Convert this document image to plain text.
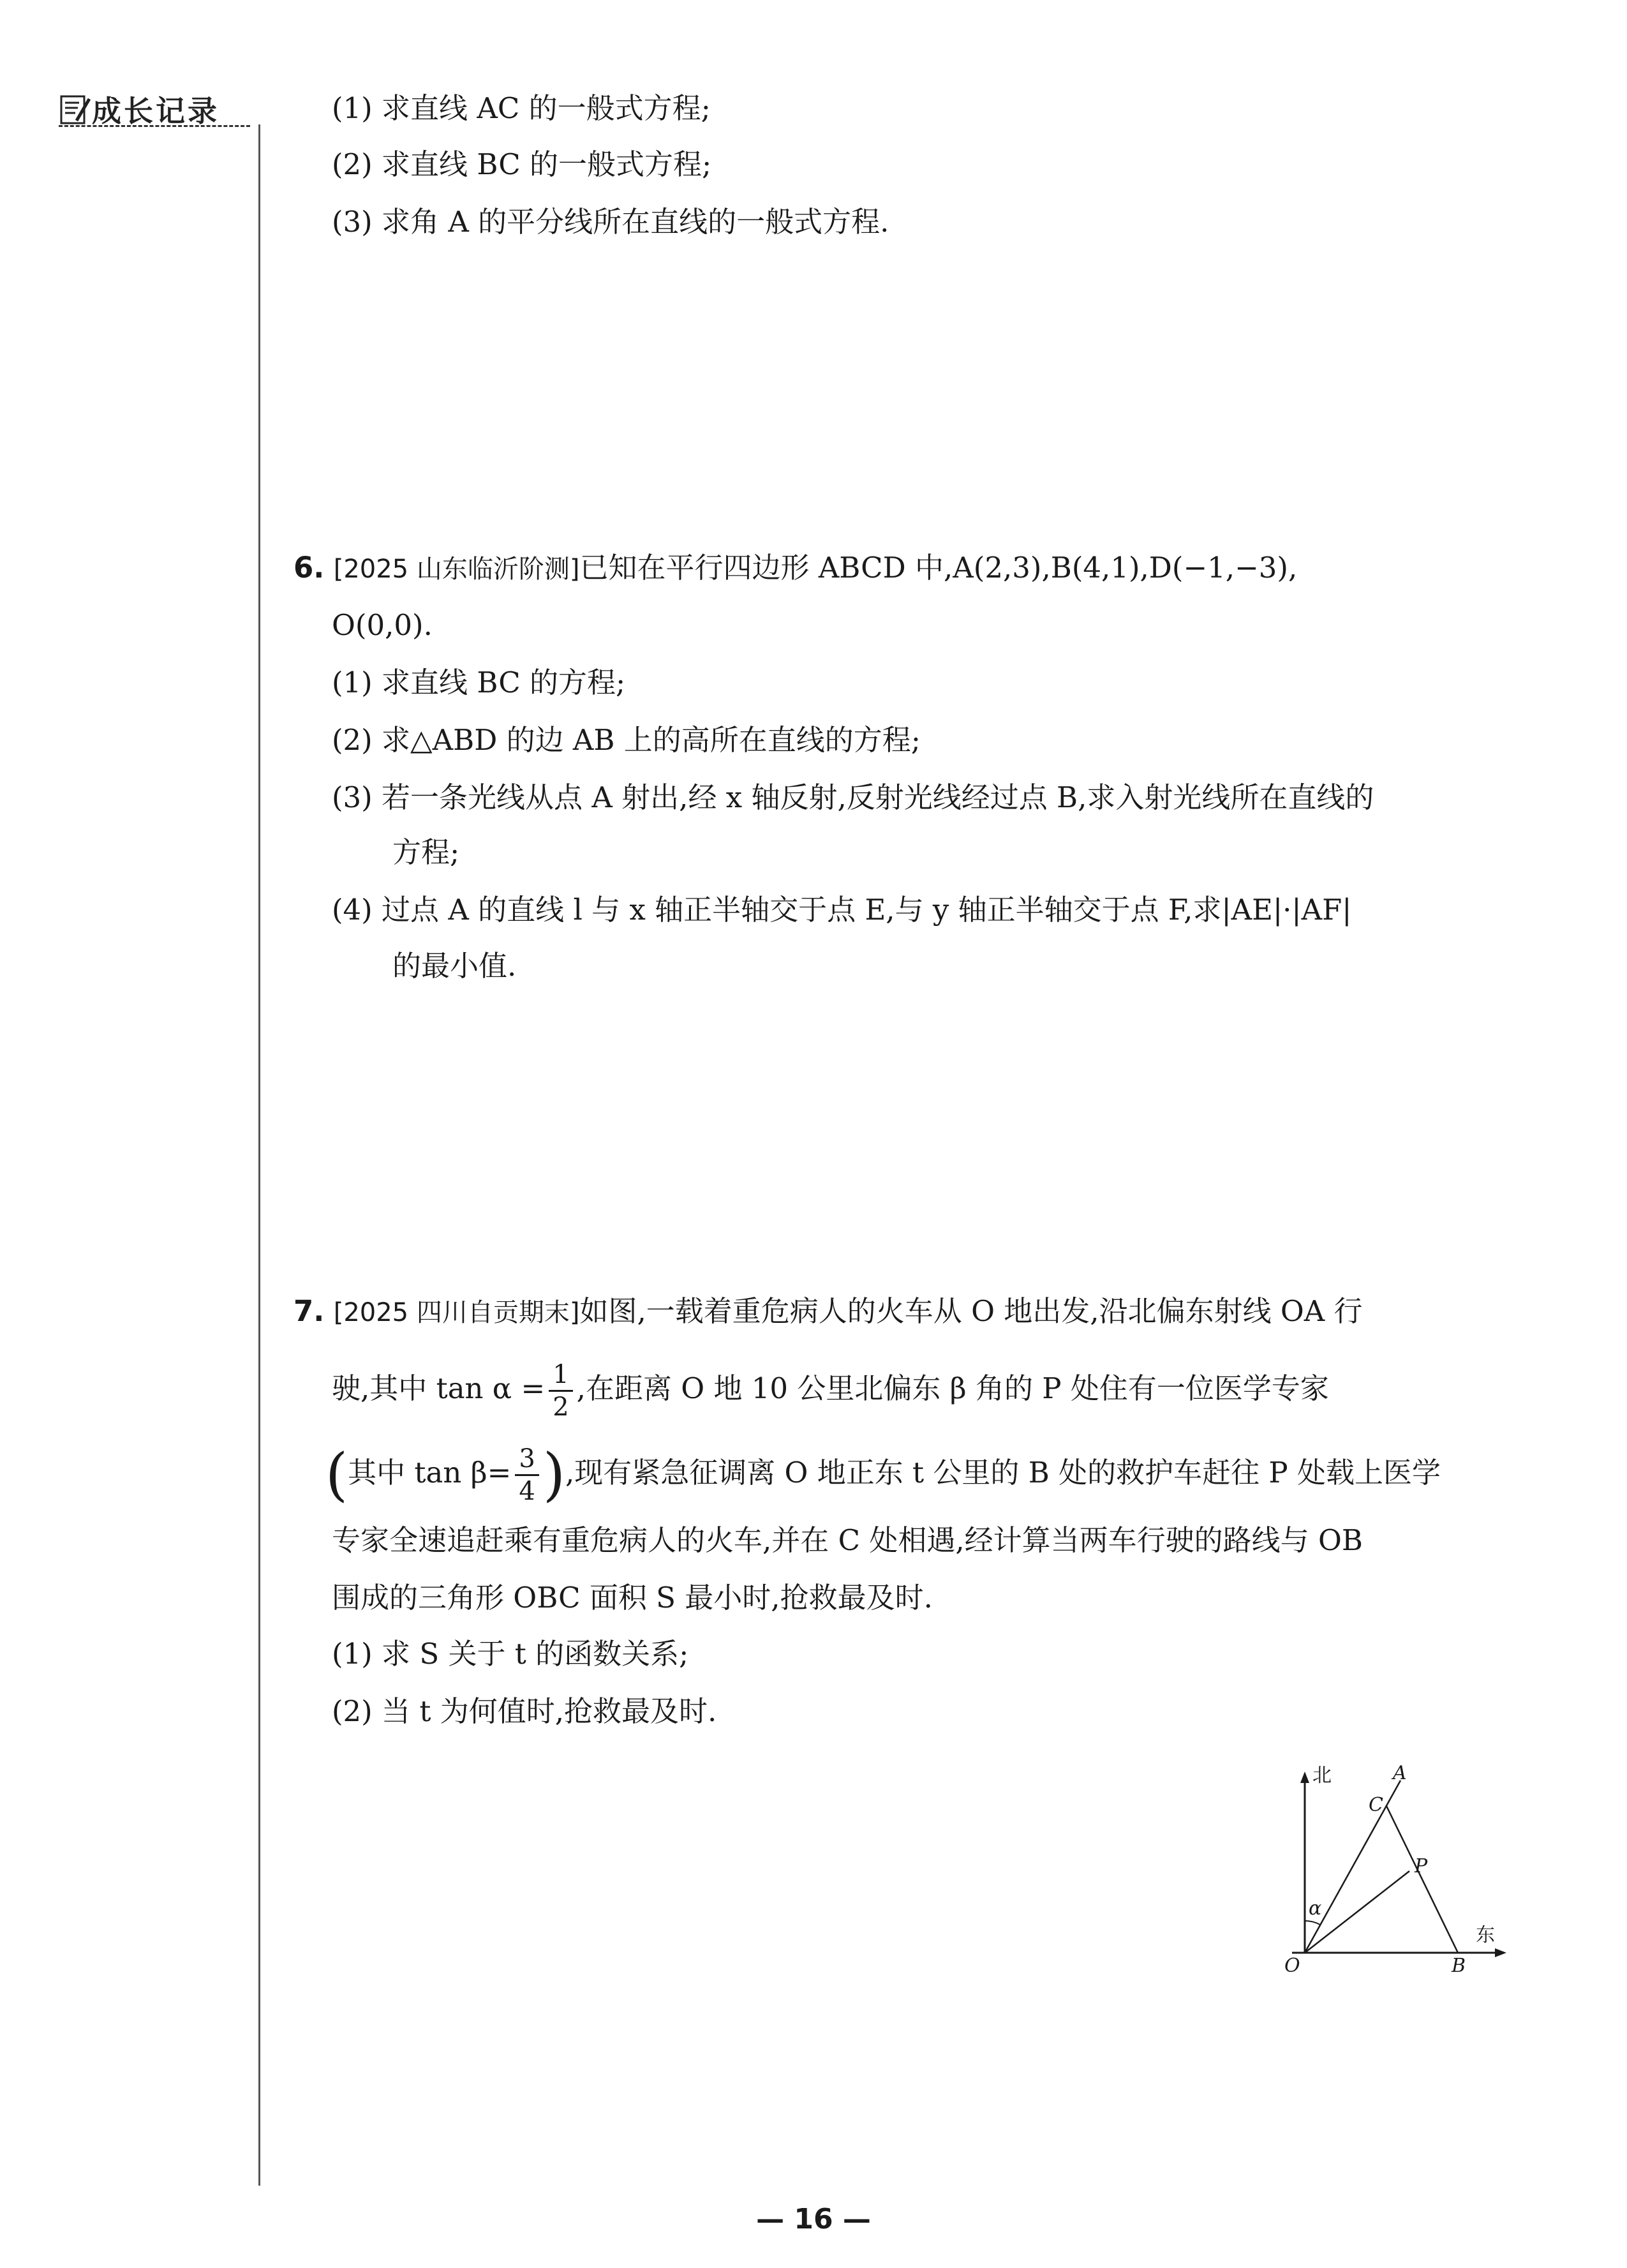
成长记录	(1) 求直线 AC 的一般式方程;
(2) 求直线 BC 的一般式方程;
(3) 求角 A 的平分线所在直线的一般式方程.
6. [2025 山东临沂阶测]已知在平行四边形 ABCD 中,A(2,3),B(4,1),D(−1,−3),
O(0,0).
(1) 求直线 BC 的方程;
(2) 求△ABD 的边 AB 上的高所在直线的方程;
(3) 若一条光线从点 A 射出,经 x 轴反射,反射光线经过点 B,求入射光线所在直线的
方程;
(4) 过点 A 的直线 l 与 x 轴正半轴交于点 E,与 y 轴正半轴交于点 F,求|AE|·|AF|
的最小值.
7. [2025 四川自贡期末]如图,一载着重危病人的火车从 O 地出发,沿北偏东射线 OA 行
驶,其中 $\tan \alpha = \frac{1}{2}$ ,在距离 O 地 10 公里北偏东 β 角的 P 处住有一位医学专家
(其中 $\tan \beta= \frac{3}{4}$ ),现有紧急征调离 O 地正东 t 公里的 B 处的救护车赶往 P 处载上医学
专家全速追赶乘有重危病人的火车,并在 C 处相遇,经计算当两车行驶的路线与 OB
围成的三角形 OBC 面积 S 最小时,抢救最及时.
(1) 求 S 关于 t 的函数关系;
(2) 当 t 为何值时,抢救最及时.
北
东
A
C
P
α
O	B
— 16 —
